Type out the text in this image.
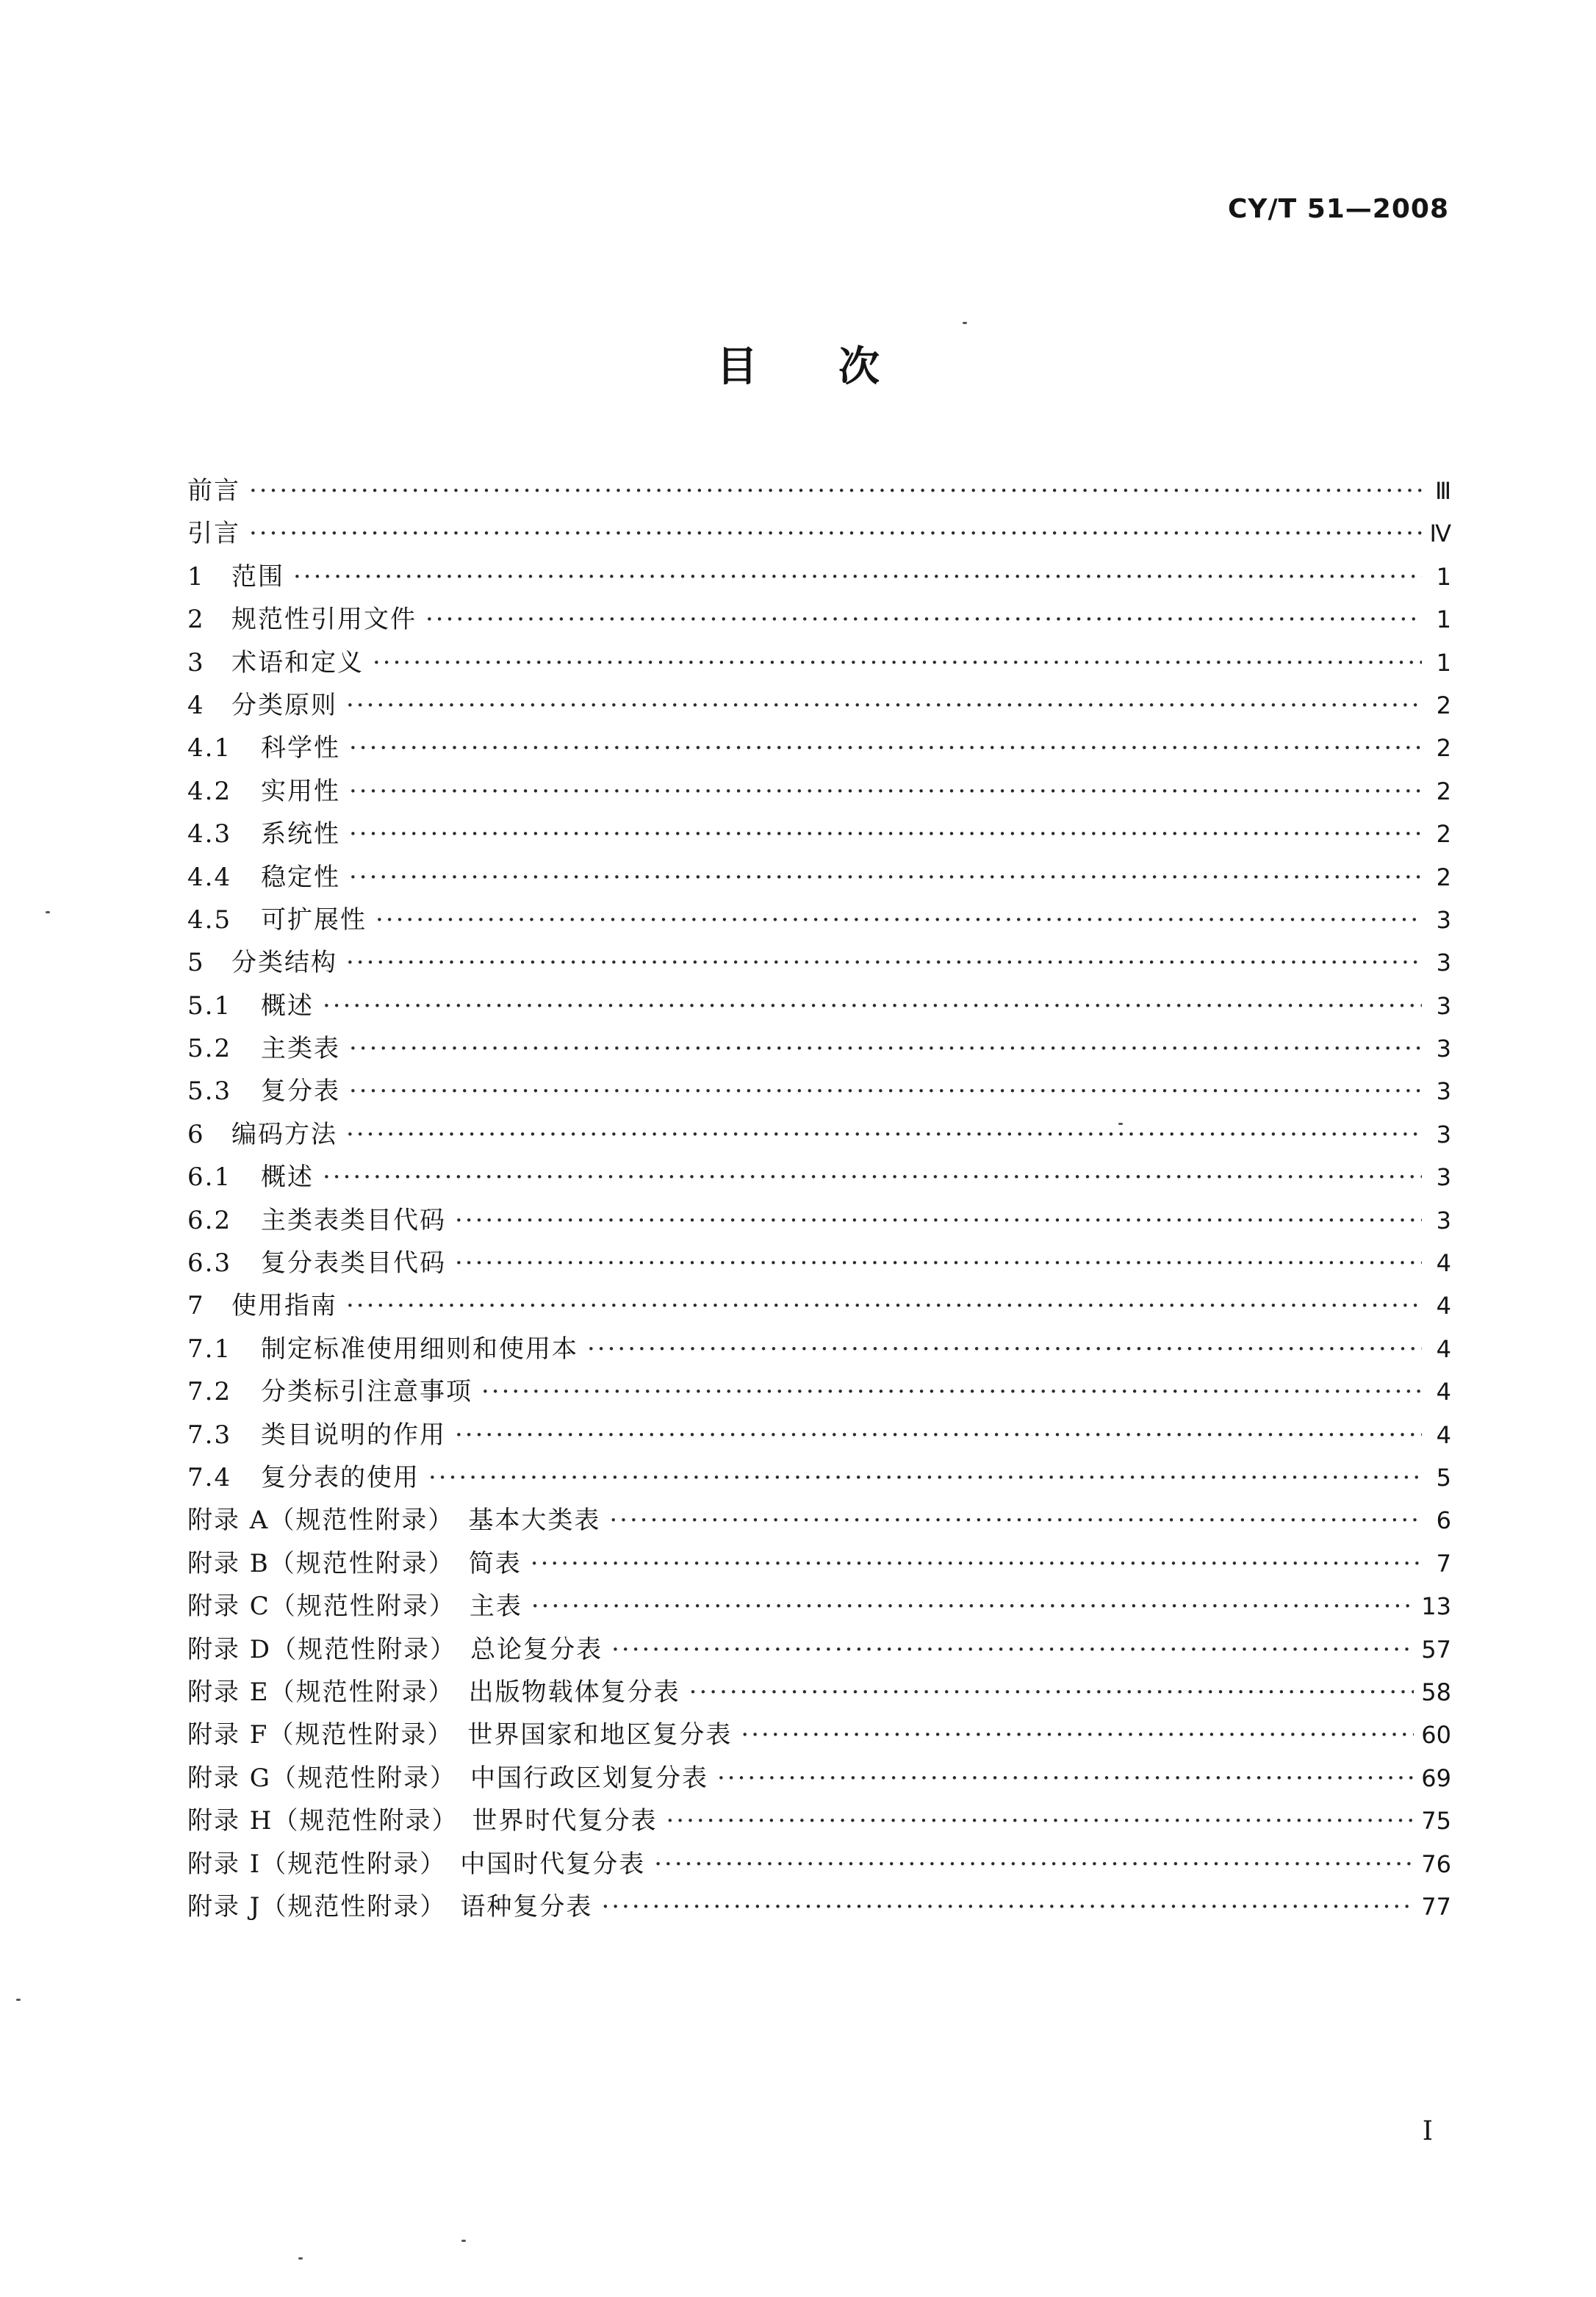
CY/T 51—2008
目次
前言 ·····	Ⅲ
引言 ·····	Ⅳ
1	范围 ·····	1
2	规范性引用文件 ·····	1
3	术语和定义 ·····	1
4	分类原则 ·····	2
4.1	科学性 ·····	2
4.2	实用性 ·····	2
4.3	系统性 ·····	2
4.4	稳定性 ·····	2
4.5	可扩展性 ·····	3
5	分类结构 ·····	3
5.1	概述 ·····	3
5.2	主类表 ·····	3
5.3	复分表 ·····	3
6	编码方法 ·····	3
6.1	概述 ·····	3
6.2	主类表类目代码 ·····	3
6.3	复分表类目代码 ·····	4
7	使用指南 ·····	4
7.1	制定标准使用细则和使用本 ·····	4
7.2	分类标引注意事项 ·····	4
7.3	类目说明的作用 ·····	4
7.4	复分表的使用 ·····	5
附录 A（规范性附录）　基本大类表 ·····	6
附录 B（规范性附录）　简表 ·····	7
附录 C（规范性附录）　主表 ·····	13
附录 D（规范性附录）　总论复分表 ·····	57
附录 E（规范性附录）　出版物载体复分表 ·····	58
附录 F（规范性附录）　世界国家和地区复分表 ·····	60
附录 G（规范性附录）　中国行政区划复分表 ·····	69
附录 H（规范性附录）　世界时代复分表 ·····	75
附录 I（规范性附录）　中国时代复分表 ·····	76
附录 J（规范性附录）　语种复分表 ·····	77
I
